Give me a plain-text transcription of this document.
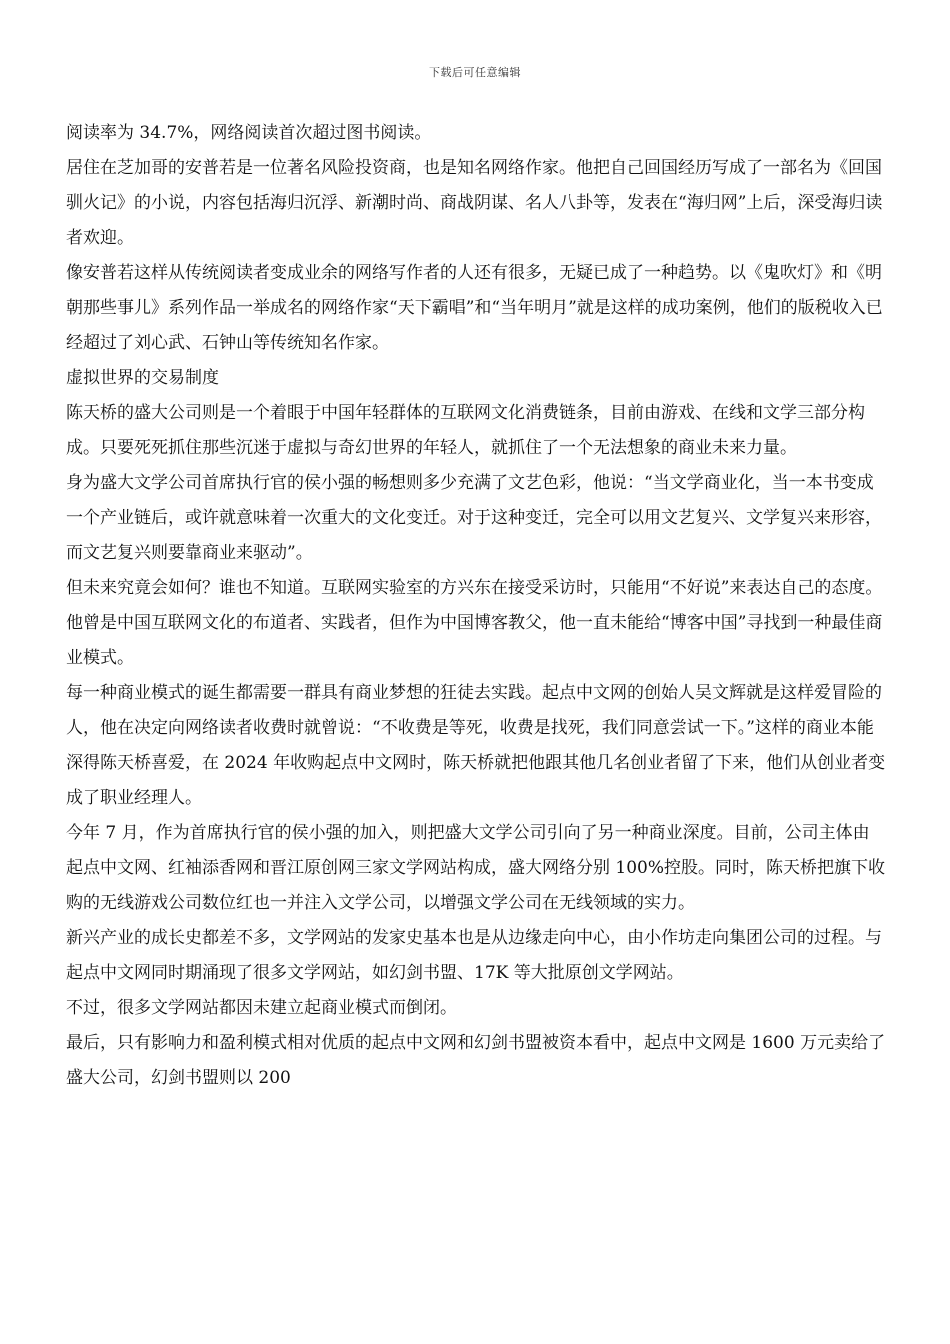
下载后可任意编辑

阅读率为 34.7%，网络阅读首次超过图书阅读。

居住在芝加哥的安普若是一位著名风险投资商，也是知名网络作家。他把自己回国经历写成了一部名为《回国驯火记》的小说，内容包括海归沉浮、新潮时尚、商战阴谋、名人八卦等，发表在“海归网”上后，深受海归读者欢迎。

像安普若这样从传统阅读者变成业余的网络写作者的人还有很多，无疑已成了一种趋势。以《鬼吹灯》和《明朝那些事儿》系列作品一举成名的网络作家“天下霸唱”和“当年明月”就是这样的成功案例，他们的版税收入已经超过了刘心武、石钟山等传统知名作家。

虚拟世界的交易制度

陈天桥的盛大公司则是一个着眼于中国年轻群体的互联网文化消费链条，目前由游戏、在线和文学三部分构成。只要死死抓住那些沉迷于虚拟与奇幻世界的年轻人，就抓住了一个无法想象的商业未来力量。

身为盛大文学公司首席执行官的侯小强的畅想则多少充满了文艺色彩，他说：“当文学商业化，当一本书变成一个产业链后，或许就意味着一次重大的文化变迁。对于这种变迁，完全可以用文艺复兴、文学复兴来形容，而文艺复兴则要靠商业来驱动”。

但未来究竟会如何？谁也不知道。互联网实验室的方兴东在接受采访时，只能用“不好说”来表达自己的态度。他曾是中国互联网文化的布道者、实践者，但作为中国博客教父，他一直未能给“博客中国”寻找到一种最佳商业模式。

每一种商业模式的诞生都需要一群具有商业梦想的狂徒去实践。起点中文网的创始人吴文辉就是这样爱冒险的人，他在决定向网络读者收费时就曾说：“不收费是等死，收费是找死，我们同意尝试一下。”这样的商业本能深得陈天桥喜爱，在 2024 年收购起点中文网时，陈天桥就把他跟其他几名创业者留了下来，他们从创业者变成了职业经理人。

今年 7 月，作为首席执行官的侯小强的加入，则把盛大文学公司引向了另一种商业深度。目前，公司主体由起点中文网、红袖添香网和晋江原创网三家文学网站构成，盛大网络分别 100%控股。同时，陈天桥把旗下收购的无线游戏公司数位红也一并注入文学公司，以增强文学公司在无线领域的实力。

新兴产业的成长史都差不多，文学网站的发家史基本也是从边缘走向中心，由小作坊走向集团公司的过程。与起点中文网同时期涌现了很多文学网站，如幻剑书盟、17K 等大批原创文学网站。

不过，很多文学网站都因未建立起商业模式而倒闭。

最后，只有影响力和盈利模式相对优质的起点中文网和幻剑书盟被资本看中，起点中文网是 1600 万元卖给了盛大公司，幻剑书盟则以 200
